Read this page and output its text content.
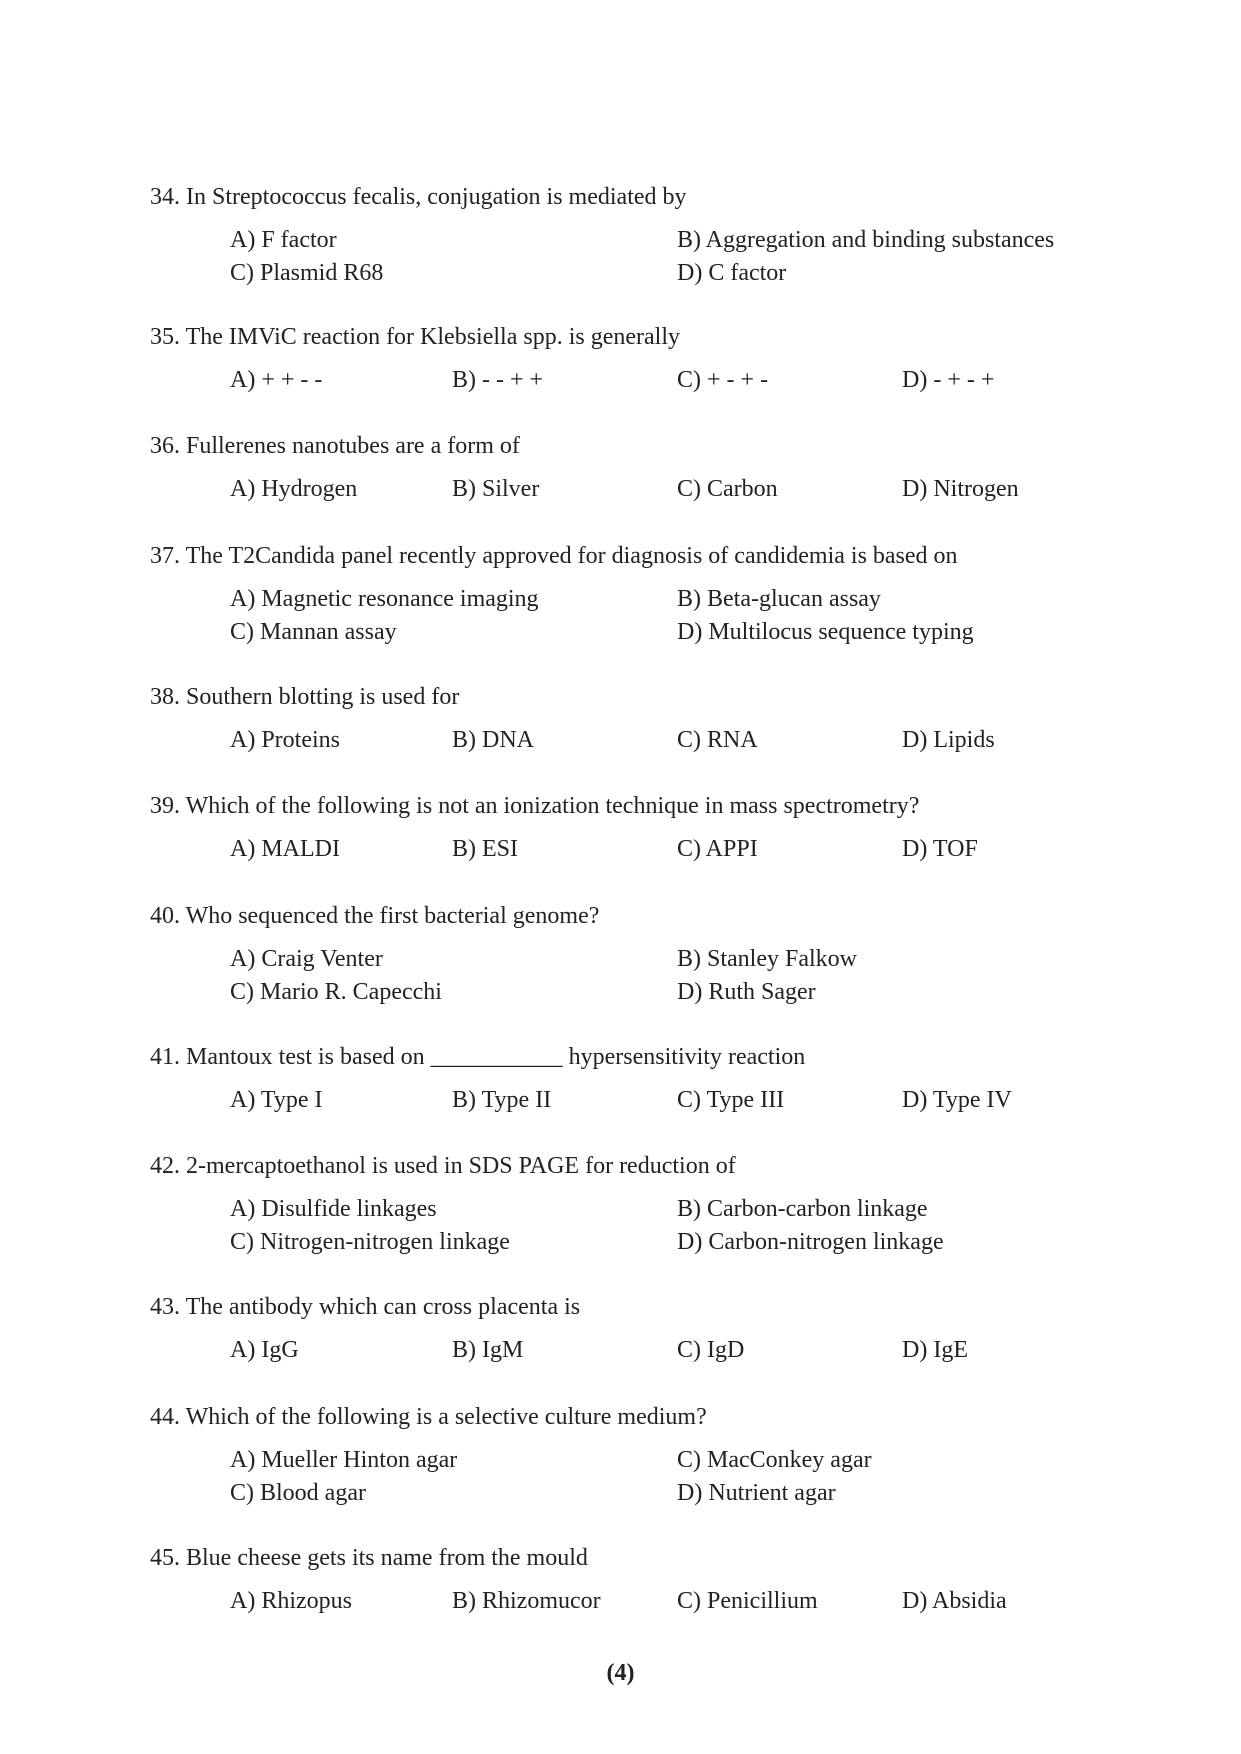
34. In Streptococcus fecalis, conjugation is mediated by
A) F factor	B) Aggregation and binding substances
C) Plasmid R68	D) C factor
35. The IMViC reaction for Klebsiella spp. is generally
A) + + - -	B) - - + +	C) + - + -	D) - + - +
36. Fullerenes nanotubes are a form of
A) Hydrogen	B) Silver	C) Carbon	D) Nitrogen
37. The T2Candida panel recently approved for diagnosis of candidemia is based on
A) Magnetic resonance imaging	B) Beta-glucan assay
C) Mannan assay	D) Multilocus sequence typing
38. Southern blotting is used for
A) Proteins	B) DNA	C) RNA	D) Lipids
39. Which of the following is not an ionization technique in mass spectrometry?
A) MALDI	B) ESI	C) APPI	D) TOF
40. Who sequenced the first bacterial genome?
A) Craig Venter	B) Stanley Falkow
C) Mario R. Capecchi	D) Ruth Sager
41. Mantoux test is based on ___________ hypersensitivity reaction
A) Type I	B) Type II	C) Type III	D) Type IV
42. 2-mercaptoethanol is used in SDS PAGE for reduction of
A) Disulfide linkages	B) Carbon-carbon linkage
C) Nitrogen-nitrogen linkage	D) Carbon-nitrogen linkage
43. The antibody which can cross placenta is
A) IgG	B) IgM	C) IgD	D) IgE
44. Which of the following is a selective culture medium?
A) Mueller Hinton agar	C) MacConkey agar
C) Blood agar	D) Nutrient agar
45. Blue cheese gets its name from the mould
A) Rhizopus	B) Rhizomucor	C) Penicillium	D) Absidia
(4)
